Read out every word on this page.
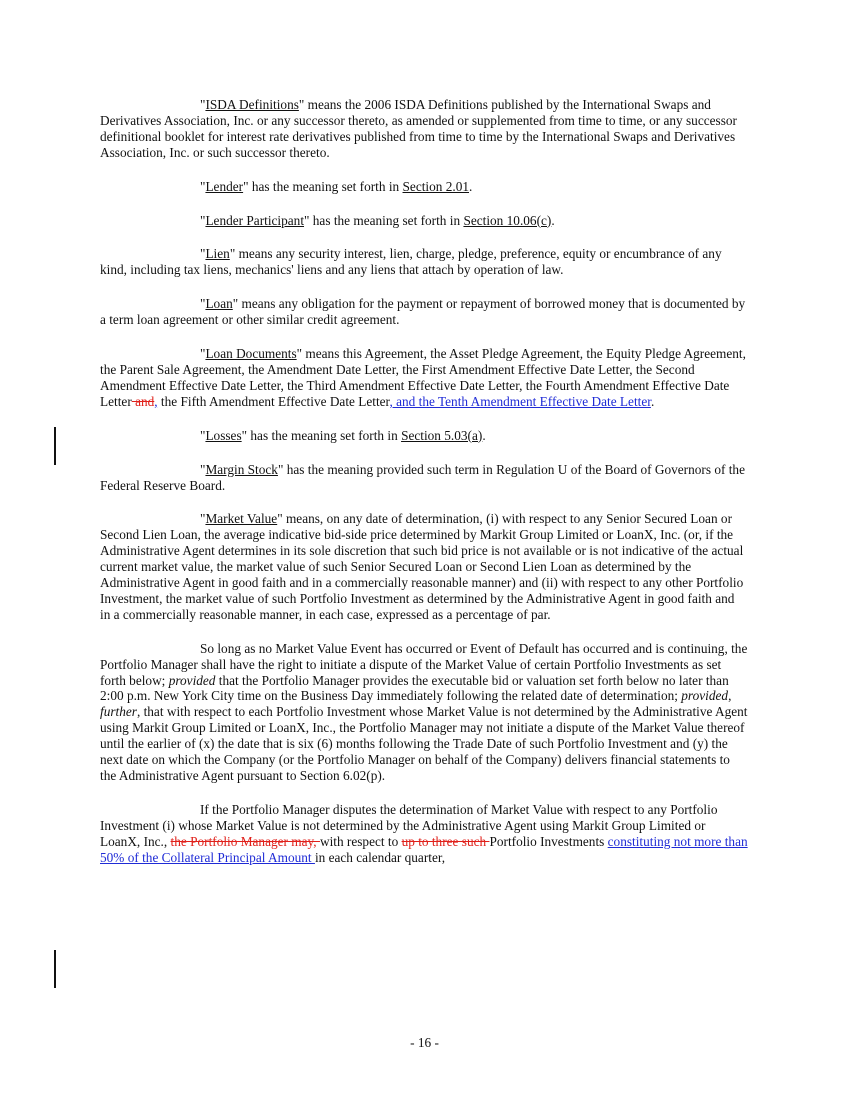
"ISDA Definitions" means the 2006 ISDA Definitions published by the International Swaps and Derivatives Association, Inc. or any successor thereto, as amended or supplemented from time to time, or any successor definitional booklet for interest rate derivatives published from time to time by the International Swaps and Derivatives Association, Inc. or such successor thereto.

"Lender" has the meaning set forth in Section 2.01.

"Lender Participant" has the meaning set forth in Section 10.06(c).

"Lien" means any security interest, lien, charge, pledge, preference, equity or encumbrance of any kind, including tax liens, mechanics' liens and any liens that attach by operation of law.

"Loan" means any obligation for the payment or repayment of borrowed money that is documented by a term loan agreement or other similar credit agreement.

"Loan Documents" means this Agreement, the Asset Pledge Agreement, the Equity Pledge Agreement, the Parent Sale Agreement, the Amendment Date Letter, the First Amendment Effective Date Letter, the Second Amendment Effective Date Letter, the Third Amendment Effective Date Letter, the Fourth Amendment Effective Date Letter and, the Fifth Amendment Effective Date Letter, and the Tenth Amendment Effective Date Letter.

"Losses" has the meaning set forth in Section 5.03(a).

"Margin Stock" has the meaning provided such term in Regulation U of the Board of Governors of the Federal Reserve Board.

"Market Value" means, on any date of determination, (i) with respect to any Senior Secured Loan or Second Lien Loan, the average indicative bid-side price determined by Markit Group Limited or LoanX, Inc. (or, if the Administrative Agent determines in its sole discretion that such bid price is not available or is not indicative of the actual current market value, the market value of such Senior Secured Loan or Second Lien Loan as determined by the Administrative Agent in good faith and in a commercially reasonable manner) and (ii) with respect to any other Portfolio Investment, the market value of such Portfolio Investment as determined by the Administrative Agent in good faith and in a commercially reasonable manner, in each case, expressed as a percentage of par.

So long as no Market Value Event has occurred or Event of Default has occurred and is continuing, the Portfolio Manager shall have the right to initiate a dispute of the Market Value of certain Portfolio Investments as set forth below; provided that the Portfolio Manager provides the executable bid or valuation set forth below no later than 2:00 p.m. New York City time on the Business Day immediately following the related date of determination; provided, further, that with respect to each Portfolio Investment whose Market Value is not determined by the Administrative Agent using Markit Group Limited or LoanX, Inc., the Portfolio Manager may not initiate a dispute of the Market Value thereof until the earlier of (x) the date that is six (6) months following the Trade Date of such Portfolio Investment and (y) the next date on which the Company (or the Portfolio Manager on behalf of the Company) delivers financial statements to the Administrative Agent pursuant to Section 6.02(p).

If the Portfolio Manager disputes the determination of Market Value with respect to any Portfolio Investment (i) whose Market Value is not determined by the Administrative Agent using Markit Group Limited or LoanX, Inc., the Portfolio Manager may, with respect to up to three such Portfolio Investments constituting not more than 50% of the Collateral Principal Amount in each calendar quarter,

- 16 -
